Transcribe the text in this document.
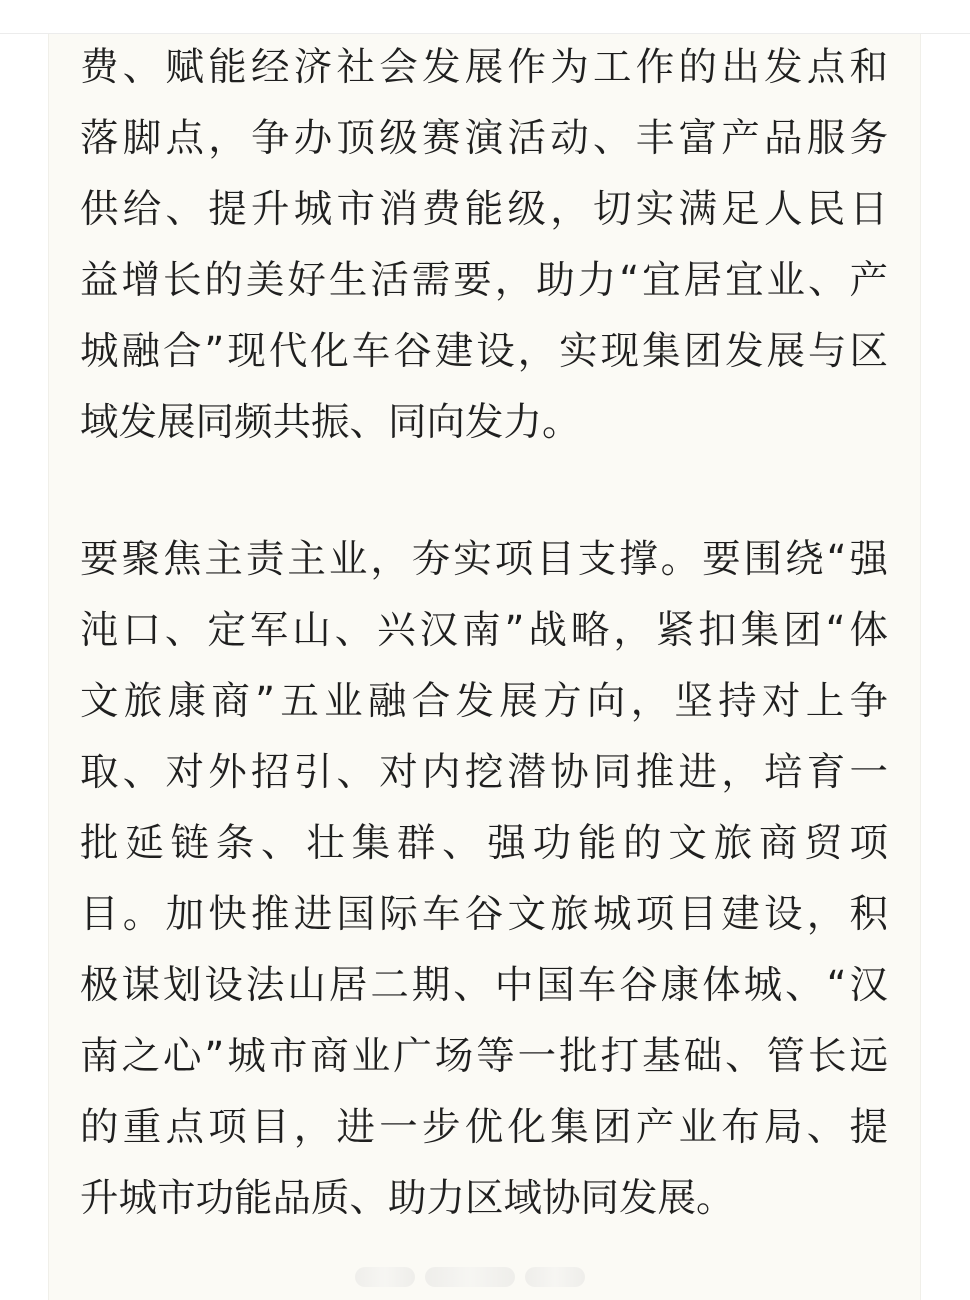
费、赋能经济社会发展作为工作的出发点和
落脚点，争办顶级赛演活动、丰富产品服务
供给、提升城市消费能级，切实满足人民日
益增长的美好生活需要，助力“宜居宜业、产
城融合”现代化车谷建设，实现集团发展与区
域发展同频共振、同向发力。
要聚焦主责主业，夯实项目支撑。要围绕“强
沌口、定军山、兴汉南”战略，紧扣集团“体
文旅康商”五业融合发展方向，坚持对上争
取、对外招引、对内挖潜协同推进，培育一
批延链条、壮集群、强功能的文旅商贸项
目。加快推进国际车谷文旅城项目建设，积
极谋划设法山居二期、中国车谷康体城、“汉
南之心”城市商业广场等一批打基础、管长远
的重点项目，进一步优化集团产业布局、提
升城市功能品质、助力区域协同发展。
